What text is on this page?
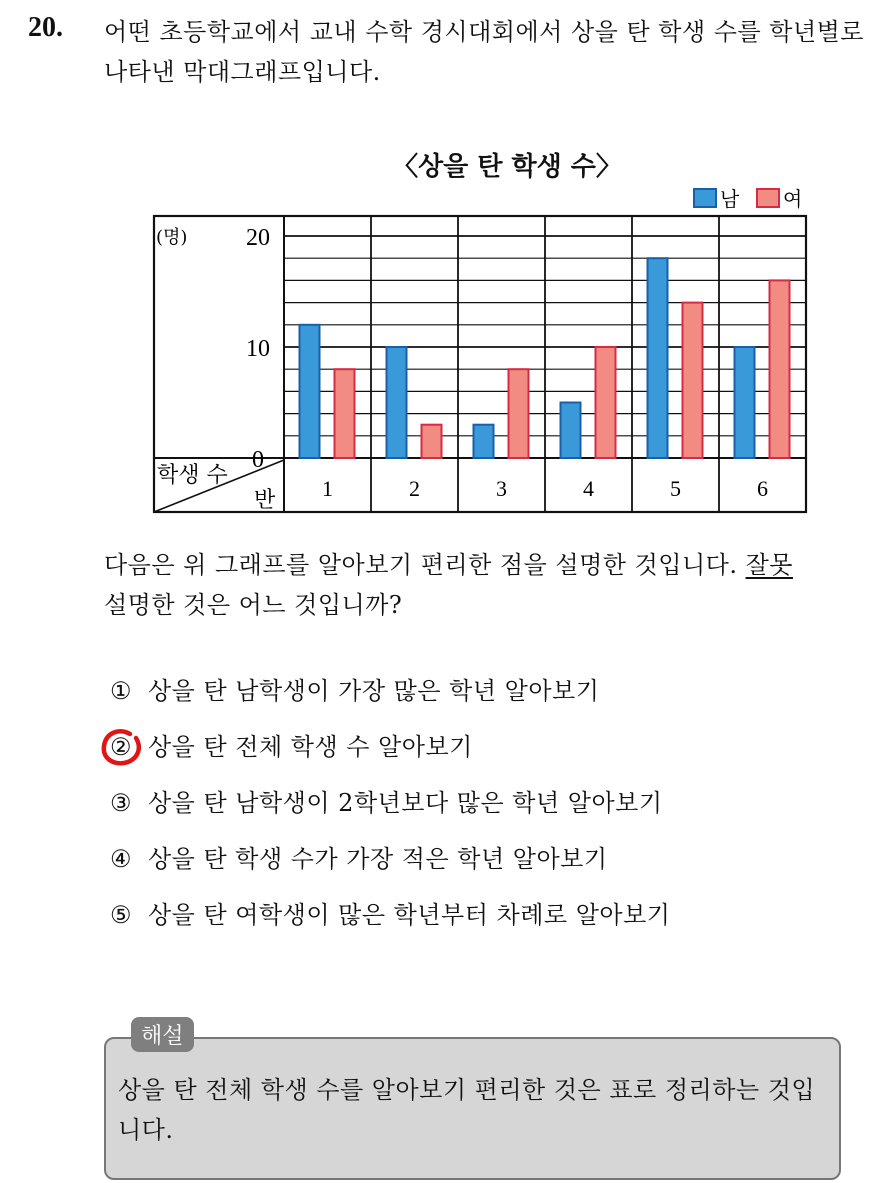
20. 어떤 초등학교에서 교내 수학 경시대회에서 상을 탄 학생 수를 학년별로 나타낸 막대그래프입니다.
〈상을 탄 학생 수〉
0
10
20
(명)
학생 수
반 1	2	3	4	5	6
남 여
다음은 위 그래프를 알아보기 편리한 점을 설명한 것입니다. 잘못
설명한 것은 어느 것입니까?
① 상을 탄 남학생이 가장 많은 학년 알아보기
② 상을 탄 전체 학생 수 알아보기
③ 상을 탄 남학생이 2학년보다 많은 학년 알아보기
④ 상을 탄 학생 수가 가장 적은 학년 알아보기
⑤ 상을 탄 여학생이 많은 학년부터 차례로 알아보기
해설
상을 탄 전체 학생 수를 알아보기 편리한 것은 표로 정리하는 것입니다.
